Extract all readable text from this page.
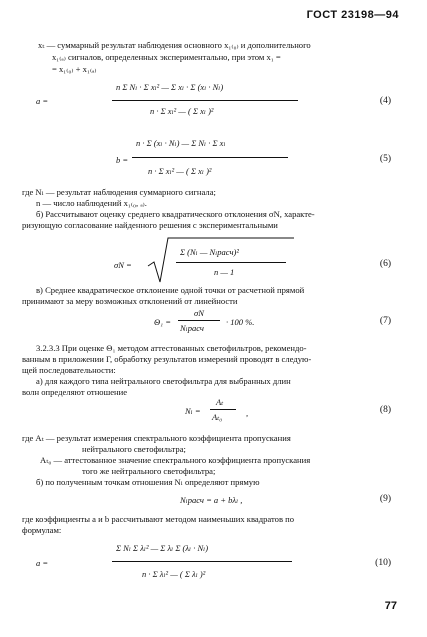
ГОСТ 23198—94
xₜ — суммарный результат наблюдения основного x₁₍₀₎ и дополнительного
x₁₍ₐ₎ сигналов, определенных экспериментально, при этом x₁ =
= x₁₍₀₎ + x₁₍ₐ₎
a =
n Σ Nₗ · Σ xₗ² — Σ xₗ · Σ (xₗ · Nₗ)
n · Σ xₗ² — ( Σ xₗ )²
(4)
b =
n · Σ (xₗ · Nₗ) — Σ Nₗ · Σ xₗ
n · Σ xₗ² — ( Σ xₗ )²
(5)
где Nₗ — результат наблюдения суммарного сигнала;
n — число наблюдений x₁₍₀, ₐ₎.
б) Рассчитывают оценку среднего квадратического отклонения σN, характе-
ризующую согласование найденного решения с экспериментальными
σN =
Σ (Nₗ — Nₗрасч)²
n — 1
(6)
в) Среднее квадратическое отклонение одной точки от расчетной прямой
принимают за меру возможных отклонений от линейности
Θ₁ =
σN
Nₗрасч
· 100 %.	(7)
3.2.3.3 При оценке Θ₁ методом аттестованных светофильтров, рекомендо-
ванным в приложении Г, обработку результатов измерений проводят в следую-
щей последовательности:
а) для каждого типа нейтрального светофильтра для выбранных длин
волн определяют отношение
Nₗ =
Aₜ
Aₜ₀	,	(8)
где Aₜ — результат измерения спектрального коэффициента пропускания
нейтрального светофильтра;
Aₜ₀ — аттестованное значение спектрального коэффициента пропускания
того же нейтрального светофильтра;
б) по полученным точкам отношения Nₗ определяют прямую
Nₗрасч = a + bλₗ ,	(9)
где коэффициенты a и b рассчитывают методом наименьших квадратов по
формулам:
a =
Σ Nₗ Σ λₗ² — Σ λₗ Σ (λₗ · Nₗ)
n · Σ λₗ² — ( Σ λₗ )²
(10)
77
